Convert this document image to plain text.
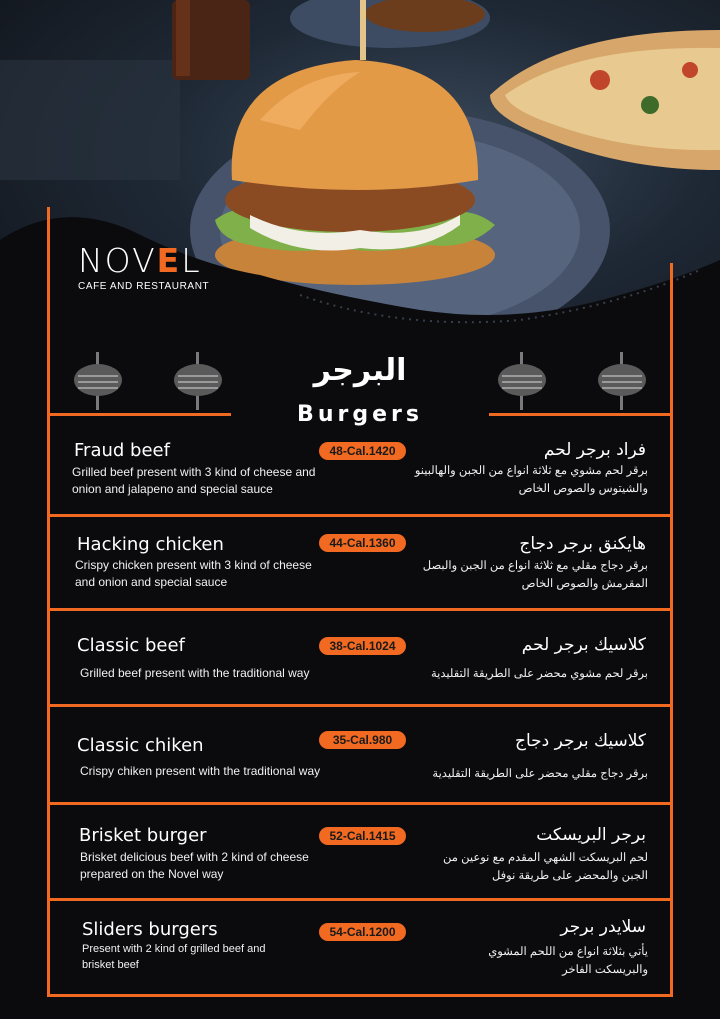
NOVEL
CAFE AND RESTAURANT
البرجر
Burgers
Fraud beef
Grilled beef present with 3 kind of cheese and onion and jalapeno and special sauce
48-Cal.1420	فراد برجر لحم
برقر لحم مشوي مع ثلاثة انواع من الجبن والهالبينو والشيتوس والصوص الخاص
Hacking chicken
Crispy chicken present with 3 kind of cheese and onion and special sauce
44-Cal.1360	هايكنق برجر دجاج
برقر دجاج مقلي مع ثلاثة انواع من الجبن والبصل المقرمش والصوص الخاص
Classic beef
Grilled beef present with the traditional way
38-Cal.1024	كلاسيك برجر لحم
برقر لحم مشوي محضر على الطريقة التقليدية
Classic chiken
Crispy chiken present with the traditional way
35-Cal.980	كلاسيك برجر دجاج
برقر دجاج مقلي محضر على الطريقة التقليدية
Brisket burger
Brisket delicious beef with 2 kind of cheese prepared on the Novel way
52-Cal.1415	برجر البريسكت
لحم البريسكت الشهي المقدم مع نوعين من الجبن والمحضر على طريقة نوفل
Sliders burgers
Present with 2 kind of grilled beef and brisket beef
54-Cal.1200	سلايدر برجر
يأتي بثلاثة انواع من اللحم المشوي والبريسكت الفاخر
